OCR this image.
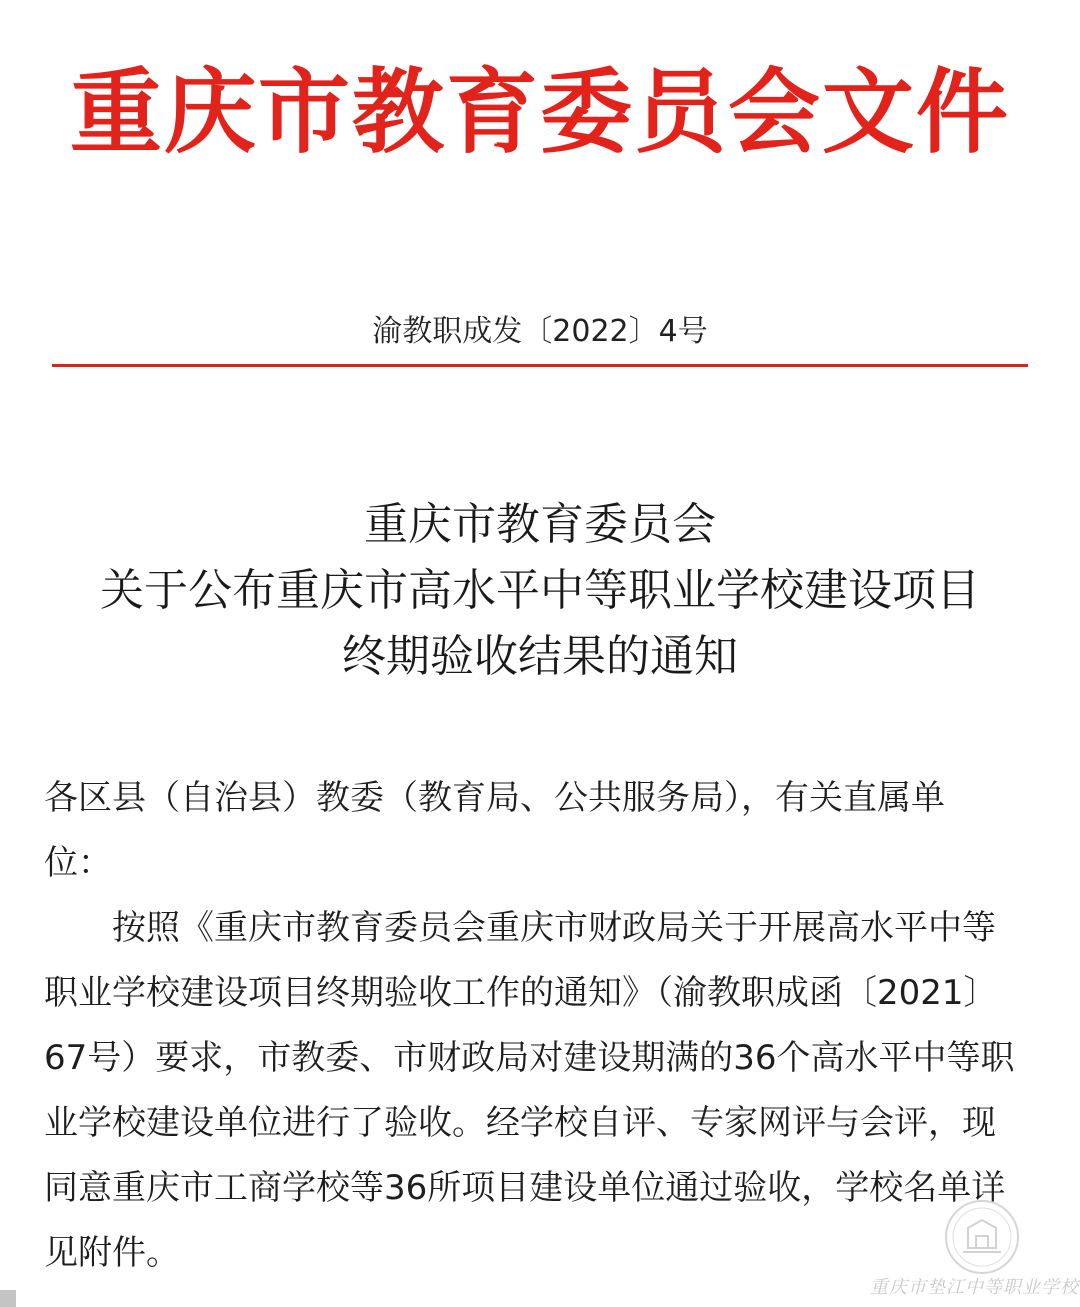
重庆市教育委员会文件
渝教职成发〔2022〕4号
重庆市教育委员会
关于公布重庆市高水平中等职业学校建设项目
终期验收结果的通知
各区县（自治县）教委（教育局、公共服务局），有关直属单
位：
按照《重庆市教育委员会重庆市财政局关于开展高水平中等
职业学校建设项目终期验收工作的通知》（渝教职成函〔2021〕
67号）要求，市教委、市财政局对建设期满的36个高水平中等职
业学校建设单位进行了验收。经学校自评、专家网评与会评，现
同意重庆市工商学校等36所项目建设单位通过验收，学校名单详
见附件。
重庆市垫江中等职业学校
